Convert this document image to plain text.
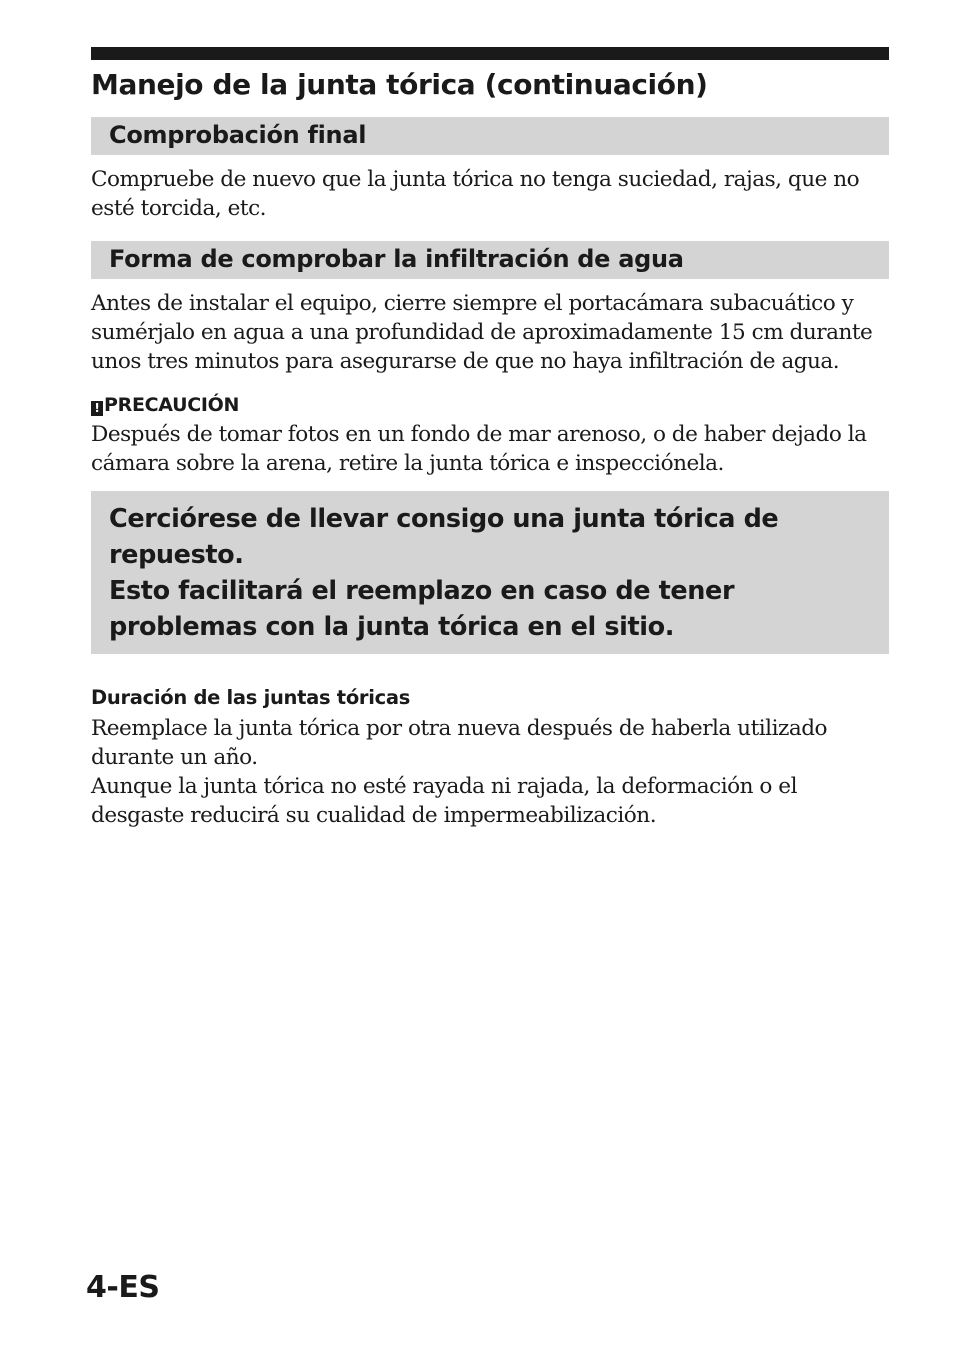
Manejo de la junta tórica (continuación)
Comprobación final

Compruebe de nuevo que la junta tórica no tenga suciedad, rajas, que no
esté torcida, etc.

Forma de comprobar la infiltración de agua

Antes de instalar el equipo, cierre siempre el portacámara subacuático y
sumérjalo en agua a una profundidad de aproximadamente 15 cm durante
unos tres minutos para asegurarse de que no haya infiltración de agua.

! PRECAUCIÓN

Después de tomar fotos en un fondo de mar arenoso, o de haber dejado la
cámara sobre la arena, retire la junta tórica e inspecciónela.

Cerciórese de llevar consigo una junta tórica de
repuesto.
Esto facilitará el reemplazo en caso de tener
problemas con la junta tórica en el sitio.
Duración de las juntas tóricas

Reemplace la junta tórica por otra nueva después de haberla utilizado
durante un año.
Aunque la junta tórica no esté rayada ni rajada, la deformación o el
desgaste reducirá su cualidad de impermeabilización.

4-ES
